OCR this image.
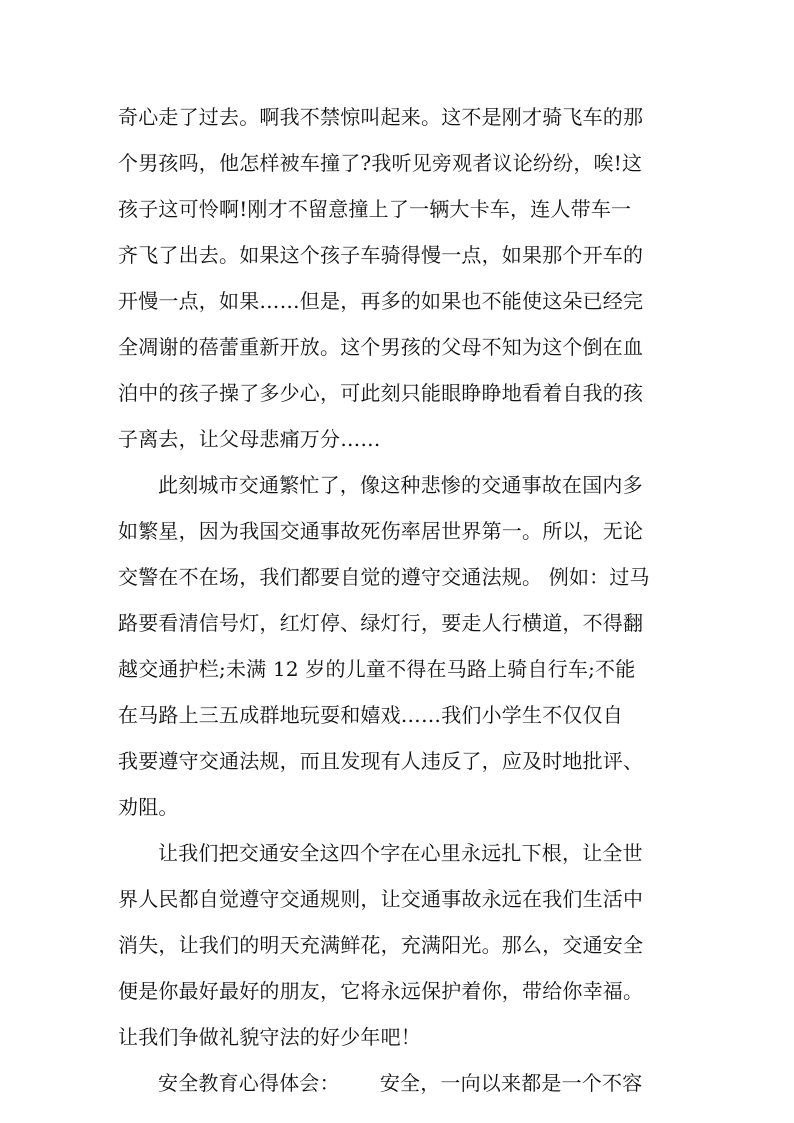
奇心走了过去。啊我不禁惊叫起来。这不是刚才骑飞车的那
个男孩吗，他怎样被车撞了?我听见旁观者议论纷纷，唉!这
孩子这可怜啊!刚才不留意撞上了一辆大卡车，连人带车一
齐飞了出去。如果这个孩子车骑得慢一点，如果那个开车的
开慢一点，如果……但是，再多的如果也不能使这朵已经完
全凋谢的蓓蕾重新开放。这个男孩的父母不知为这个倒在血
泊中的孩子操了多少心，可此刻只能眼睁睁地看着自我的孩
子离去，让父母悲痛万分……
此刻城市交通繁忙了，像这种悲惨的交通事故在国内多
如繁星，因为我国交通事故死伤率居世界第一。所以，无论
交警在不在场，我们都要自觉的遵守交通法规。 例如：过马
路要看清信号灯，红灯停、绿灯行，要走人行横道，不得翻
越交通护栏;未满 12 岁的儿童不得在马路上骑自行车;不能
在马路上三五成群地玩耍和嬉戏……我们小学生不仅仅自
我要遵守交通法规，而且发现有人违反了，应及时地批评、
劝阻。
让我们把交通安全这四个字在心里永远扎下根，让全世
界人民都自觉遵守交通规则，让交通事故永远在我们生活中
消失，让我们的明天充满鲜花，充满阳光。那么，交通安全
便是你最好最好的朋友，它将永远保护着你，带给你幸福。
让我们争做礼貌守法的好少年吧！
安全教育心得体会： 安全，一向以来都是一个不容
